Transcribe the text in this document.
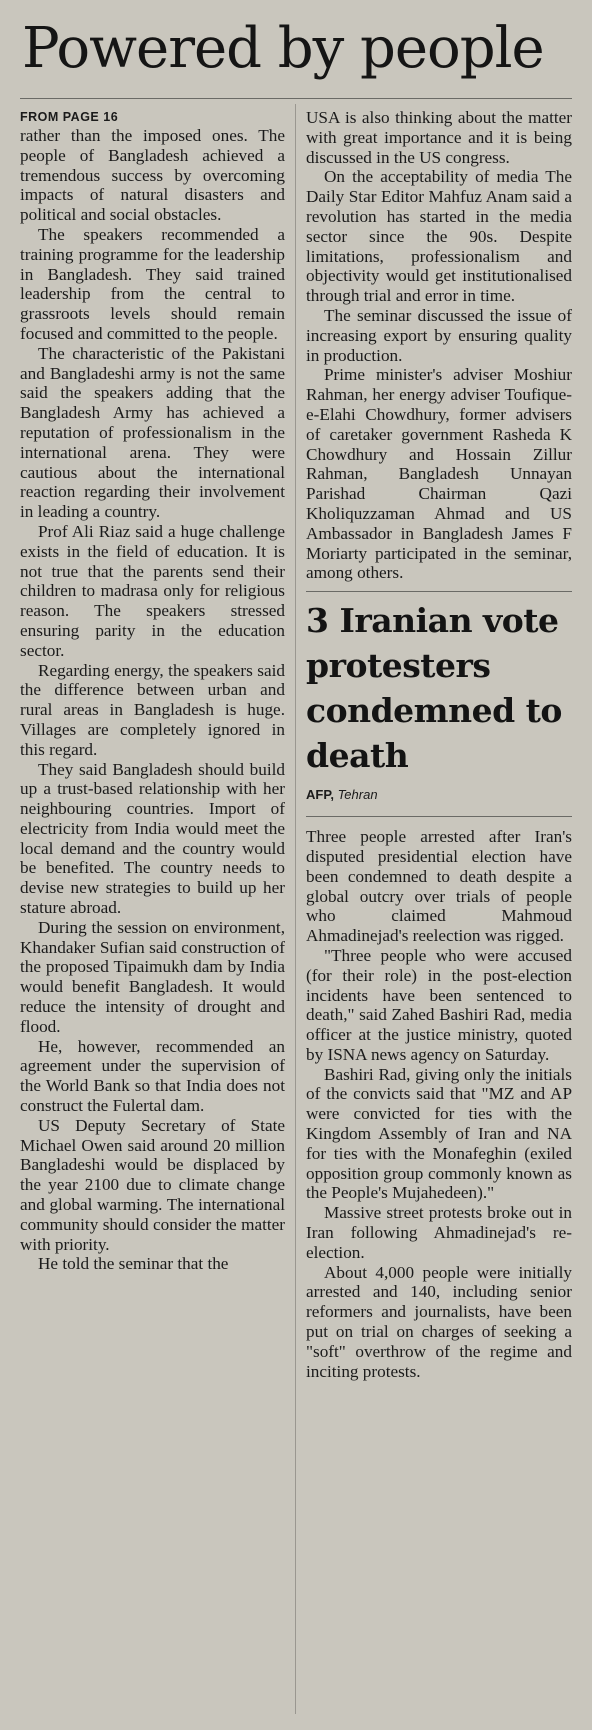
Powered by people
FROM PAGE 16

rather than the imposed ones. The people of Bangladesh achieved a tremendous success by overcoming impacts of natural disasters and political and social obstacles.

The speakers recommended a training programme for the leadership in Bangladesh. They said trained leadership from the central to grassroots levels should remain focused and committed to the people.

The characteristic of the Pakistani and Bangladeshi army is not the same said the speakers adding that the Bangladesh Army has achieved a reputation of professionalism in the international arena. They were cautious about the international reaction regarding their involvement in leading a country.

Prof Ali Riaz said a huge challenge exists in the field of education. It is not true that the parents send their children to madrasa only for religious reason. The speakers stressed ensuring parity in the education sector.

Regarding energy, the speakers said the difference between urban and rural areas in Bangladesh is huge. Villages are completely ignored in this regard.

They said Bangladesh should build up a trust-based relationship with her neighbouring countries. Import of electricity from India would meet the local demand and the country would be benefited. The country needs to devise new strategies to build up her stature abroad.

During the session on environment, Khandaker Sufian said construction of the proposed Tipaimukh dam by India would benefit Bangladesh. It would reduce the intensity of drought and flood.

He, however, recommended an agreement under the supervision of the World Bank so that India does not construct the Fulertal dam.

US Deputy Secretary of State Michael Owen said around 20 million Bangladeshi would be displaced by the year 2100 due to climate change and global warming. The international community should consider the matter with priority.

He told the seminar that the

USA is also thinking about the matter with great importance and it is being discussed in the US congress.

On the acceptability of media The Daily Star Editor Mahfuz Anam said a revolution has started in the media sector since the 90s. Despite limitations, professionalism and objectivity would get institutionalised through trial and error in time.

The seminar discussed the issue of increasing export by ensuring quality in production.

Prime minister's adviser Moshiur Rahman, her energy adviser Toufique-e-Elahi Chowdhury, former advisers of caretaker government Rasheda K Chowdhury and Hossain Zillur Rahman, Bangladesh Unnayan Parishad Chairman Qazi Kholiquzzaman Ahmad and US Ambassador in Bangladesh James F Moriarty participated in the seminar, among others.

3 Iranian vote protesters condemned to death
AFP, Tehran

Three people arrested after Iran's disputed presidential election have been condemned to death despite a global outcry over trials of people who claimed Mahmoud Ahmadinejad's reelection was rigged.

"Three people who were accused (for their role) in the post-election incidents have been sentenced to death," said Zahed Bashiri Rad, media officer at the justice ministry, quoted by ISNA news agency on Saturday.

Bashiri Rad, giving only the initials of the convicts said that "MZ and AP were convicted for ties with the Kingdom Assembly of Iran and NA for ties with the Monafeghin (exiled opposition group commonly known as the People's Mujahedeen)."

Massive street protests broke out in Iran following Ahmadinejad's re-election.

About 4,000 people were initially arrested and 140, including senior reformers and journalists, have been put on trial on charges of seeking a "soft" overthrow of the regime and inciting protests.
